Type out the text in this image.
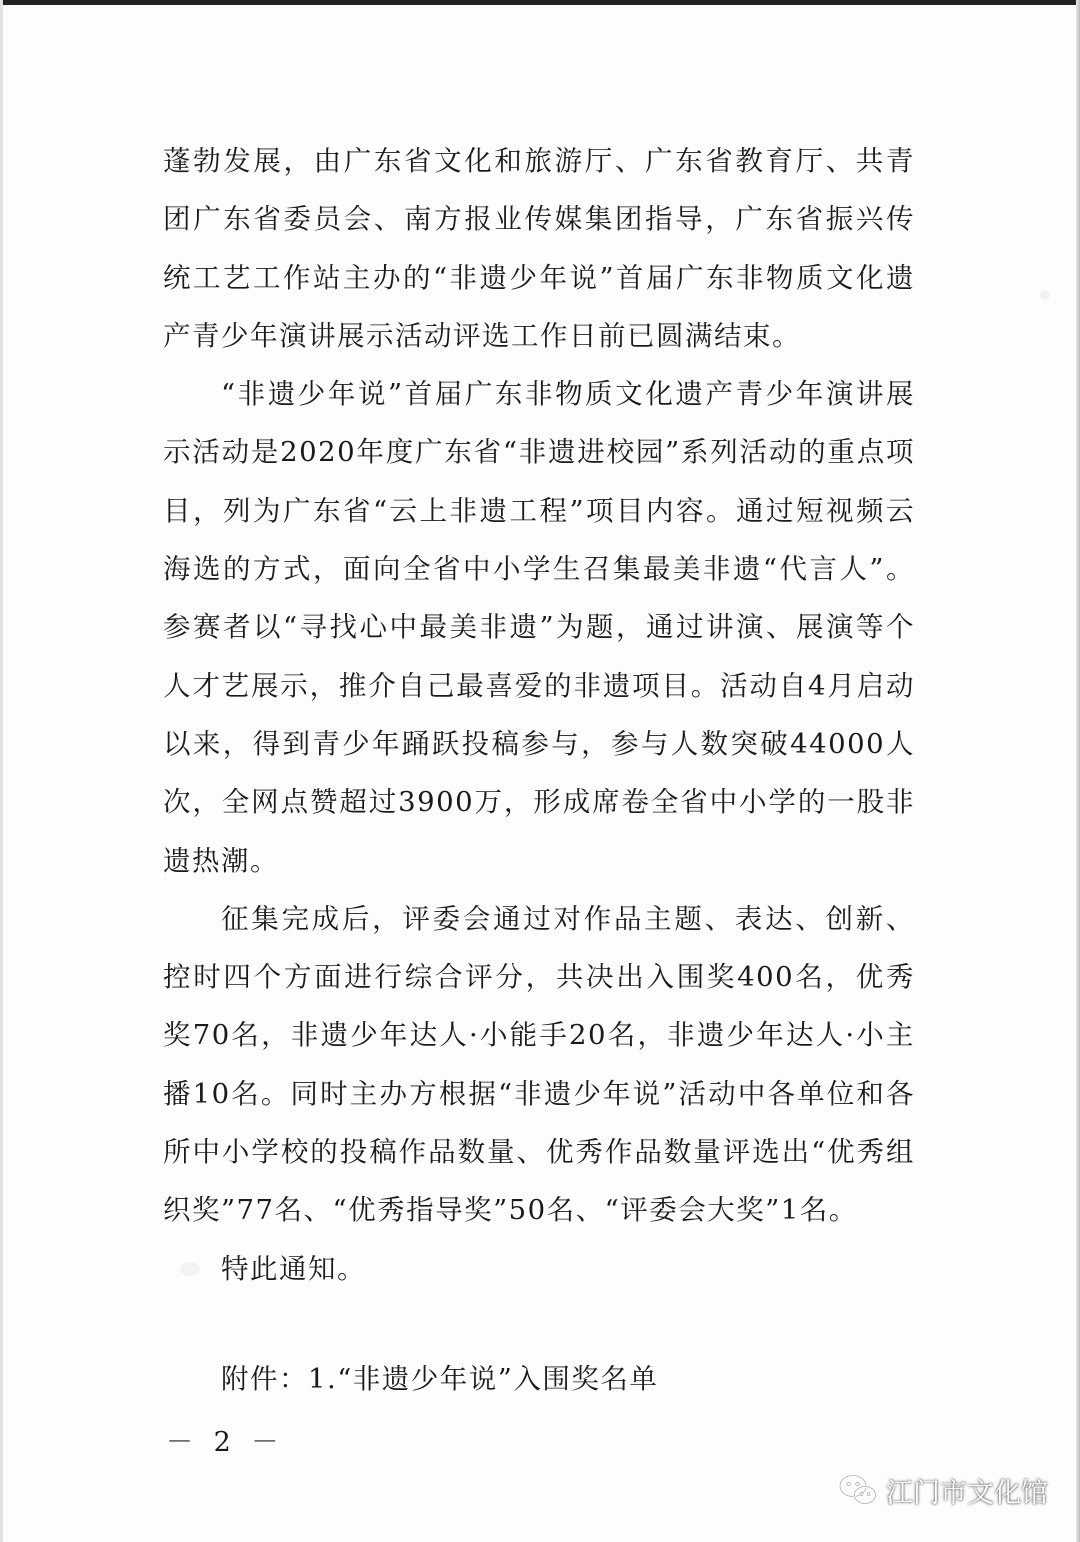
蓬勃发展，由广东省文化和旅游厅、广东省教育厅、共青团广东省委员会、南方报业传媒集团指导，广东省振兴传统工艺工作站主办的“非遗少年说”首届广东非物质文化遗产青少年演讲展示活动评选工作日前已圆满结束。

“非遗少年说”首届广东非物质文化遗产青少年演讲展示活动是2020年度广东省“非遗进校园”系列活动的重点项目，列为广东省“云上非遗工程”项目内容。通过短视频云海选的方式，面向全省中小学生召集最美非遗“代言人”。参赛者以“寻找心中最美非遗”为题，通过讲演、展演等个人才艺展示，推介自己最喜爱的非遗项目。活动自4月启动以来，得到青少年踊跃投稿参与，参与人数突破44000人次，全网点赞超过3900万，形成席卷全省中小学的一股非遗热潮。

征集完成后，评委会通过对作品主题、表达、创新、控时四个方面进行综合评分，共决出入围奖400名，优秀奖70名，非遗少年达人·小能手20名，非遗少年达人·小主播10名。同时主办方根据“非遗少年说”活动中各单位和各所中小学校的投稿作品数量、优秀作品数量评选出“优秀组织奖”77名、“优秀指导奖”50名、“评委会大奖”1名。

特此通知。

附件：1.“非遗少年说”入围奖名单

－ 2 －
江门市文化馆
